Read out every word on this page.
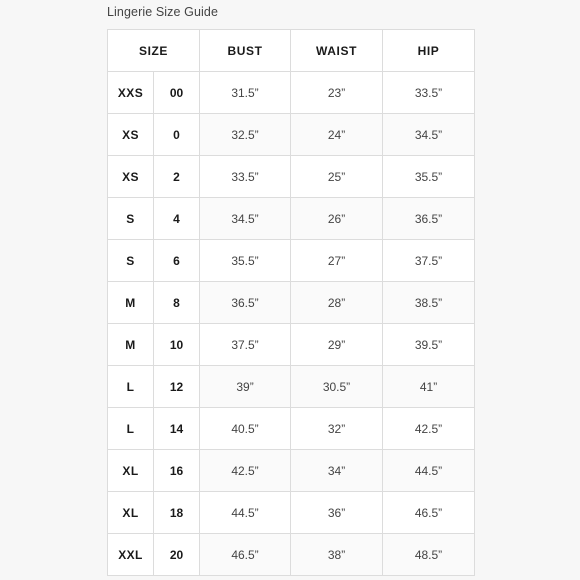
Lingerie Size Guide
SIZE		BUST	WAIST	HIP
XXS	00	31.5”	23”	33.5”
XS	0	32.5”	24”	34.5”
XS	2	33.5”	25”	35.5”
S	4	34.5”	26”	36.5”
S	6	35.5”	27”	37.5”
M	8	36.5”	28”	38.5”
M	10	37.5”	29”	39.5”
L	12	39”	30.5”	41”
L	14	40.5”	32”	42.5”
XL	16	42.5”	34”	44.5”
XL	18	44.5”	36”	46.5”
XXL	20	46.5”	38”	48.5”
